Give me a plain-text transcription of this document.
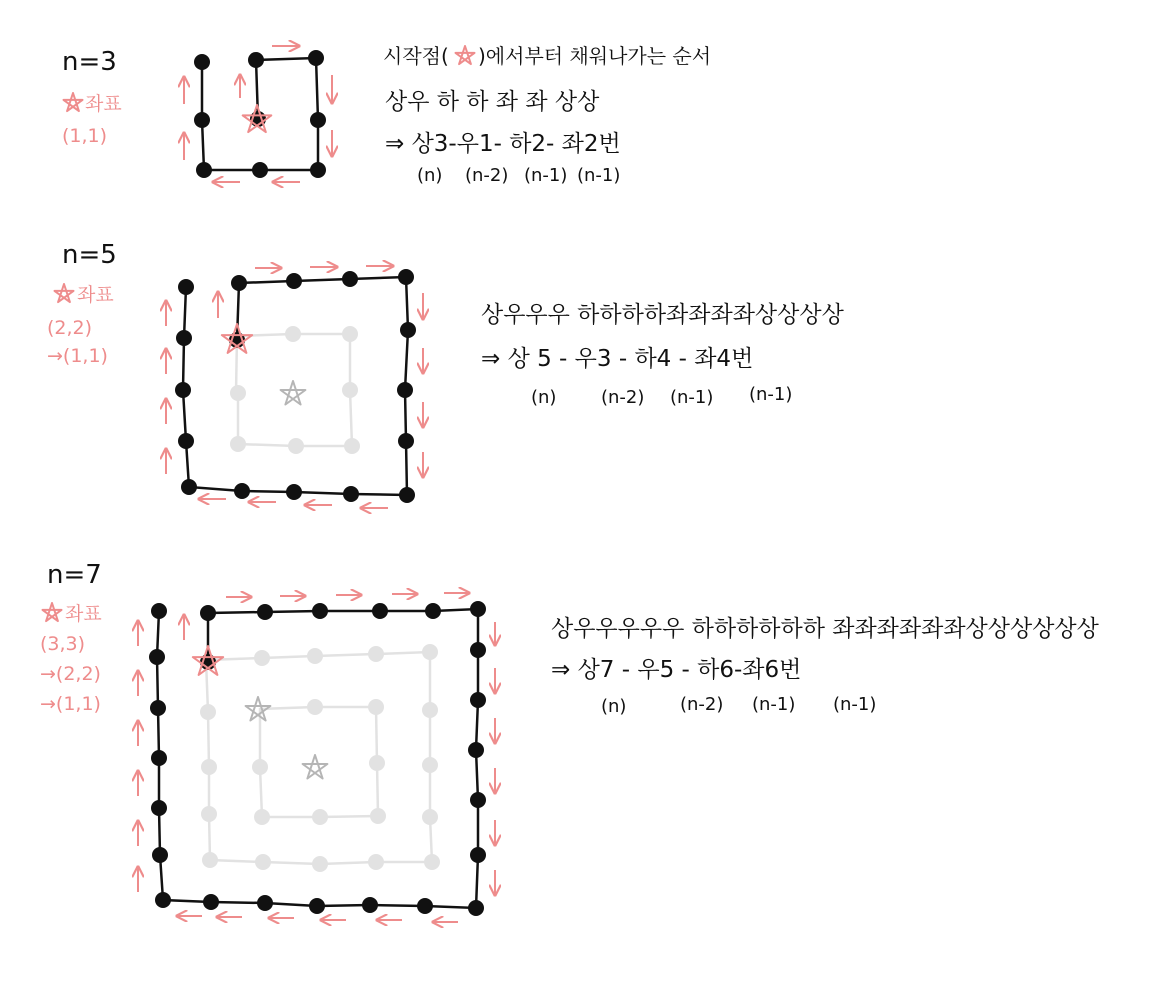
n=3
좌표
(1,1)
시작점( )에서부터 채워나가는 순서
상우 하 하 좌 좌 상상
⇒ 상3-우1- 하2- 좌2번
(n) (n-2) (n-1) (n-1)
n=5
좌표
(2,2)
→(1,1)
상우우우 하하하하좌좌좌좌상상상상
⇒ 상 5 - 우3 - 하4 - 좌4번
(n) (n-2) (n-1) (n-1)
n=7
좌표
(3,3)
→(2,2)
→(1,1)
상우우우우우 하하하하하하 좌좌좌좌좌좌상상상상상상
⇒ 상7 - 우5 - 하6-좌6번
(n)	(n-2) (n-1) (n-1)
